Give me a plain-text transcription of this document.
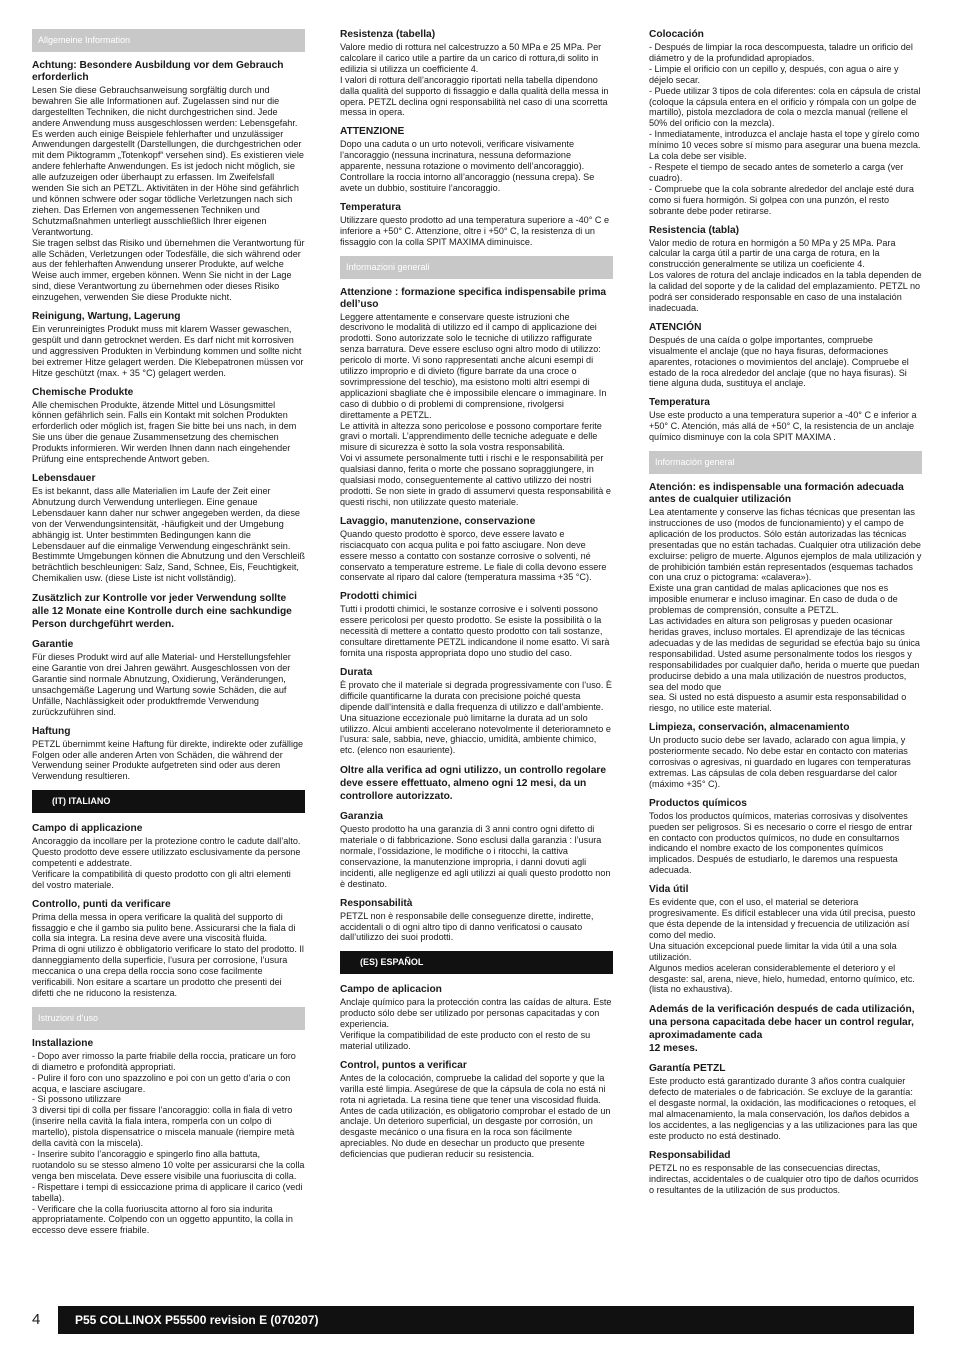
Allgemeine Information
Achtung: Besondere Ausbildung vor dem Gebrauch erforderlich

Lesen Sie diese Gebrauchsanweisung sorgfältig durch und bewahren Sie alle Informationen auf. Zugelassen sind nur die dargestellten Techniken, die nicht durchgestrichen sind. Jede andere Anwendung muss ausgeschlossen werden: Lebensgefahr. Es werden auch einige Beispiele fehlerhafter und unzulässiger Anwendungen dargestellt (Darstellungen, die durchgestrichen oder mit dem Piktogramm „Totenkopf“ versehen sind). Es existieren viele andere fehlerhafte Anwendungen. Es ist jedoch nicht möglich, sie alle aufzuzeigen oder überhaupt zu erfassen. Im Zweifelsfall wenden Sie sich an PETZL. Aktivitäten in der Höhe sind gefährlich und können schwere oder sogar tödliche Verletzungen nach sich ziehen. Das Erlernen von angemessenen Techniken und Schutzmaßnahmen unterliegt ausschließlich Ihrer eigenen Verantwortung.
Sie tragen selbst das Risiko und übernehmen die Verantwortung für alle Schäden, Verletzungen oder Todesfälle, die sich während oder aus der fehlerhaften Anwendung unserer Produkte, auf welche Weise auch immer, ergeben können. Wenn Sie nicht in der Lage sind, diese Verantwortung zu übernehmen oder dieses Risiko einzugehen, verwenden Sie diese Produkte nicht.

Reinigung, Wartung, Lagerung

Ein verunreinigtes Produkt muss mit klarem Wasser gewaschen, gespült und dann getrocknet werden. Es darf nicht mit korrosiven und aggressiven Produkten in Verbindung kommen und sollte nicht bei extremer Hitze gelagert werden. Die Klebepatronen müssen vor Hitze geschützt (max. + 35 °C) gelagert werden.

Chemische Produkte

Alle chemischen Produkte, ätzende Mittel und Lösungsmittel können gefährlich sein. Falls ein Kontakt mit solchen Produkten erforderlich oder möglich ist, fragen Sie bitte bei uns nach, in dem Sie uns über die genaue Zusammensetzung des chemischen Produkts informieren. Wir werden Ihnen dann nach eingehender Prüfung eine entsprechende Antwort geben.

Lebensdauer

Es ist bekannt, dass alle Materialien im Laufe der Zeit einer Abnutzung durch Verwendung unterliegen. Eine genaue Lebensdauer kann daher nur schwer angegeben werden, da diese von der Verwendungsintensität, -häufigkeit und der Umgebung abhängig ist. Unter bestimmten Bedingungen kann die Lebensdauer auf die einmalige Verwendung eingeschränkt sein. Bestimmte Umgebungen können die Abnutzung und den Verschleiß beträchtlich beschleunigen: Salz, Sand, Schnee, Eis, Feuchtigkeit, Chemikalien usw. (diese Liste ist nicht vollständig).

Zusätzlich zur Kontrolle vor jeder Verwendung sollte alle 12 Monate eine Kontrolle durch eine sachkundige Person durchgeführt werden.

Garantie

Für dieses Produkt wird auf alle Material- und Herstellungsfehler eine Garantie von drei Jahren gewährt. Ausgeschlossen von der Garantie sind normale Abnutzung, Oxidierung, Veränderungen, unsachgemäße Lagerung und Wartung sowie Schäden, die auf Unfälle, Nachlässigkeit oder produktfremde Verwendung zurückzuführen sind.

Haftung

PETZL übernimmt keine Haftung für direkte, indirekte oder zufällige Folgen oder alle anderen Arten von Schäden, die während der Verwendung seiner Produkte aufgetreten sind oder aus deren Verwendung resultieren.

(IT) ITALIANO
Campo di applicazione

Ancoraggio da incollare per la protezione contro le cadute dall’alto. Questo prodotto deve essere utilizzato esclusivamente da persone competenti e addestrate.
Verificare la compatibilità di questo prodotto con gli altri elementi del vostro materiale.

Controllo, punti da verificare

Prima della messa in opera verificare la qualità del supporto di fissaggio e che il gambo sia pulito bene. Assicurarsi che la fiala di colla sia integra. La resina deve avere una viscosità fluida.
Prima di ogni utilizzo è obbligatorio verificare lo stato del prodotto. Il danneggiamento della superficie, l’usura per corrosione, l’usura meccanica o una crepa della roccia sono cose facilmente verificabili. Non esitare a scartare un prodotto che presenti dei difetti che ne riducono la resistenza.

Istruzioni d’uso
Installazione

- Dopo aver rimosso la parte friabile della roccia, praticare un foro di diametro e profondità appropriati.
- Pulire il foro con uno spazzolino e poi con un getto d’aria o con acqua, e lasciare asciugare.
- Si possono utilizzare
3 diversi tipi di colla per fissare l’ancoraggio: colla in fiala di vetro (inserire nella cavità la fiala intera, romperla con un colpo di martello), pistola dispensatrice o miscela manuale (riempire metà della cavità con la miscela).
- Inserire subito l’ancoraggio e spingerlo fino alla battuta, ruotandolo su se stesso almeno 10 volte per assicurarsi che la colla venga ben miscelata. Deve essere visibile una fuoriuscita di colla.
- Rispettare i tempi di essiccazione prima di applicare il carico (vedi tabella).
- Verificare che la colla fuoriuscita attorno al foro sia indurita appropriatamente. Colpendo con un oggetto appuntito, la colla in eccesso deve essere friabile.

Resistenza (tabella)

Valore medio di rottura nel calcestruzzo a 50 MPa e 25 MPa. Per calcolare il carico utile a partire da un carico di rottura,di solito in edilizia si utilizza un coefficiente 4.
I valori di rottura dell’ancoraggio riportati nella tabella dipendono dalla qualità del supporto di fissaggio e dalla qualità della messa in opera. PETZL declina ogni responsabilità nel caso di una scorretta messa in opera.

ATTENZIONE

Dopo una caduta o un urto notevoli, verificare visivamente l’ancoraggio (nessuna incrinatura, nessuna deformazione apparente, nessuna rotazione o movimento dell’ancoraggio). Controllare la roccia intorno all’ancoraggio (nessuna crepa). Se avete un dubbio, sostituire l’ancoraggio.

Temperatura

Utilizzare questo prodotto ad una temperatura superiore a -40° C e inferiore a +50° C. Attenzione, oltre i +50° C, la resistenza di un fissaggio con la colla SPIT MAXIMA diminuisce.

Informazioni generali
Attenzione : formazione specifica indispensabile prima dell’uso

Leggere attentamente e conservare queste istruzioni che descrivono le modalità di utilizzo ed il campo di applicazione dei prodotti. Sono autorizzate solo le tecniche di utilizzo raffigurate senza barratura. Deve essere escluso ogni altro modo di utilizzo: pericolo di morte. Vi sono rappresentati anche alcuni esempi di utilizzo improprio e di divieto (figure barrate da una croce o sovrimpressione del teschio), ma esistono molti altri esempi di applicazioni sbagliate che è impossibile elencare o immaginare. In caso di dubbio o di problemi di comprensione, rivolgersi direttamente a PETZL.
Le attività in altezza sono pericolose e possono comportare ferite gravi o mortali. L’apprendimento delle tecniche adeguate e delle misure di sicurezza è sotto la sola vostra responsabilità.
Voi vi assumete personalmente tutti i rischi e le responsabilità per qualsiasi danno, ferita o morte che possano sopraggiungere, in qualsiasi modo, conseguentemente al cattivo utilizzo dei nostri prodotti. Se non siete in grado di assumervi questa responsabilità e questi rischi, non utilizzate questo materiale.

Lavaggio, manutenzione, conservazione

Quando questo prodotto è sporco, deve essere lavato e risciacquato con acqua pulita e poi fatto asciugare. Non deve essere messo a contatto con sostanze corrosive o solventi, né conservato a temperature estreme. Le fiale di colla devono essere conservate al riparo dal calore (temperatura massima +35 °C).

Prodotti chimici

Tutti i prodotti chimici, le sostanze corrosive e i solventi possono essere pericolosi per questo prodotto. Se esiste la possibilità o la necessità di mettere a contatto questo prodotto con tali sostanze, consultare direttamente PETZL indicandone il nome esatto. Vi sarà fornita una risposta appropriata dopo uno studio del caso.

Durata

È provato che il materiale si degrada progressivamente con l’uso. È difficile quantificarne la durata con precisione poiché questa dipende dall’intensità e dalla frequenza di utilizzo e dall’ambiente.
Una situazione eccezionale può limitarne la durata ad un solo utilizzo. Alcui ambienti accelerano notevolmente il deterioramneto e l’usura: sale, sabbia, neve, ghiaccio, umidità, ambiente chimico, etc. (elenco non esauriente).

Oltre alla verifica ad ogni utilizzo, un controllo regolare deve essere effettuato, almeno ogni 12 mesi, da un controllore autorizzato.

Garanzia

Questo prodotto ha una garanzia di 3 anni contro ogni difetto di materiale o di fabbricazione. Sono esclusi dalla garanzia : l’usura normale, l’ossidazione, le modifiche o i ritocchi, la cattiva conservazione, la manutenzione impropria, i danni dovuti agli incidenti, alle negligenze ed agli utilizzi ai quali questo prodotto non è destinato.

Responsabilità

PETZL non è responsabile delle conseguenze dirette, indirette, accidentali o di ogni altro tipo di danno verificatosi o causato dall’utilizzo dei suoi prodotti.

(ES) ESPAÑOL
Campo de aplicacion

Anclaje químico para la protección contra las caídas de altura. Este producto sólo debe ser utilizado por personas capacitadas y con experiencia.
Verifique la compatibilidad de este producto con el resto de su material utilizado.

Control, puntos a verificar

Antes de la colocación, compruebe la calidad del soporte y que la varilla esté limpia. Asegúrese de que la cápsula de cola no está ni rota ni agrietada. La resina tiene que tener una viscosidad fluida.
Antes de cada utilización, es obligatorio comprobar el estado de un anclaje. Un deterioro superficial, un desgaste por corrosión, un desgaste mecánico o una fisura en la roca son fácilmente apreciables. No dude en desechar un producto que presente deficiencias que pudieran reducir su resistencia.

Colocación

- Después de limpiar la roca descompuesta, taladre un orificio del diámetro y de la profundidad apropiados.
- Limpie el orificio con un cepillo y, después, con agua o aire y déjelo secar.
- Puede utilizar 3 tipos de cola diferentes: cola en cápsula de cristal (coloque la cápsula entera en el orificio y rómpala con un golpe de martillo), pistola mezcladora de cola o mezcla manual (rellene el 50% del orificio con la mezcla).
- Inmediatamente, introduzca el anclaje hasta el tope y gírelo como mínimo 10 veces sobre sí mismo para asegurar una buena mezcla. La cola debe ser visible.
- Respete el tiempo de secado antes de someterlo a carga (ver cuadro).
- Compruebe que la cola sobrante alrededor del anclaje esté dura como si fuera hormigón. Si golpea con una punzón, el resto sobrante debe poder retirarse.

Resistencia (tabla)

Valor medio de rotura en hormigón a 50 MPa y 25 MPa. Para calcular la carga útil a partir de una carga de rotura, en la construcción generalmente se utiliza un coeficiente 4.
Los valores de rotura del anclaje indicados en la tabla dependen de la calidad del soporte y de la calidad del emplazamiento. PETZL no podrá ser considerado responsable en caso de una instalación inadecuada.

ATENCIÓN

Después de una caída o golpe importantes, compruebe visualmente el anclaje (que no haya fisuras, deformaciones aparentes, rotaciones o movimientos del anclaje). Compruebe el estado de la roca alrededor del anclaje (que no haya fisuras). Si tiene alguna duda, sustituya el anclaje.

Temperatura

Use este producto a una temperatura superior a -40° C e inferior a +50° C. Atención, más allá de +50° C, la resistencia de un anclaje químico disminuye con la cola SPIT MAXIMA .

Información general
Atención: es indispensable una formación adecuada antes de cualquier utilización

Lea atentamente y conserve las fichas técnicas que presentan las instrucciones de uso (modos de funcionamiento) y el campo de aplicación de los productos. Sólo están autorizadas las técnicas presentadas que no están tachadas. Cualquier otra utilización debe excluirse: peligro de muerte. Algunos ejemplos de mala utilización y de prohibición también están representados (esquemas tachados con una cruz o pictograma: «calavera»).
Existe una gran cantidad de malas aplicaciones que nos es imposible enumerar e incluso imaginar. En caso de duda o de problemas de comprensión, consulte a PETZL.
Las actividades en altura son peligrosas y pueden ocasionar heridas graves, incluso mortales. El aprendizaje de las técnicas adecuadas y de las medidas de seguridad se efectúa bajo su única responsabilidad. Usted asume personalmente todos los riesgos y responsabilidades por cualquier daño, herida o muerte que puedan producirse debido a una mala utilización de nuestros productos, sea del modo que
sea. Si usted no está dispuesto a asumir esta responsabilidad o riesgo, no utilice este material.

Limpieza, conservación, almacenamiento

Un producto sucio debe ser lavado, aclarado con agua limpia, y posteriormente secado. No debe estar en contacto con materias corrosivas o agresivas, ni guardado en lugares con temperaturas extremas. Las cápsulas de cola deben resguardarse del calor (máximo +35° C).

Productos químicos

Todos los productos químicos, materias corrosivas y disolventes pueden ser peligrosos. Si es necesario o corre el riesgo de entrar en contacto con productos químicos, no dude en consultarnos indicando el nombre exacto de los componentes químicos implicados. Después de estudiarlo, le daremos una respuesta adecuada.

Vida útil

Es evidente que, con el uso, el material se deteriora progresivamente. Es difícil establecer una vida útil precisa, puesto que ésta depende de la intensidad y frecuencia de utilización así como del medio.
Una situación excepcional puede limitar la vida útil a una sola utilización.
Algunos medios aceleran considerablemente el deterioro y el desgaste: sal, arena, nieve, hielo, humedad, entorno químico, etc. (lista no exhaustiva).

Además de la verificación después de cada utilización, una persona capacitada debe hacer un control regular, aproximadamente cada
12 meses.

Garantía PETZL

Este producto está garantizado durante 3 años contra cualquier defecto de materiales o de fabricación. Se excluye de la garantía: el desgaste normal, la oxidación, las modificaciones o retoques, el mal almacenamiento, la mala conservación, los daños debidos a los accidentes, a las negligencias y a las utilizaciones para las que este producto no está destinado.

Responsabilidad

PETZL no es responsable de las consecuencias directas, indirectas, accidentales o de cualquier otro tipo de daños ocurridos o resultantes de la utilización de sus productos.

4	P55 COLLINOX P55500 revision E (070207)
